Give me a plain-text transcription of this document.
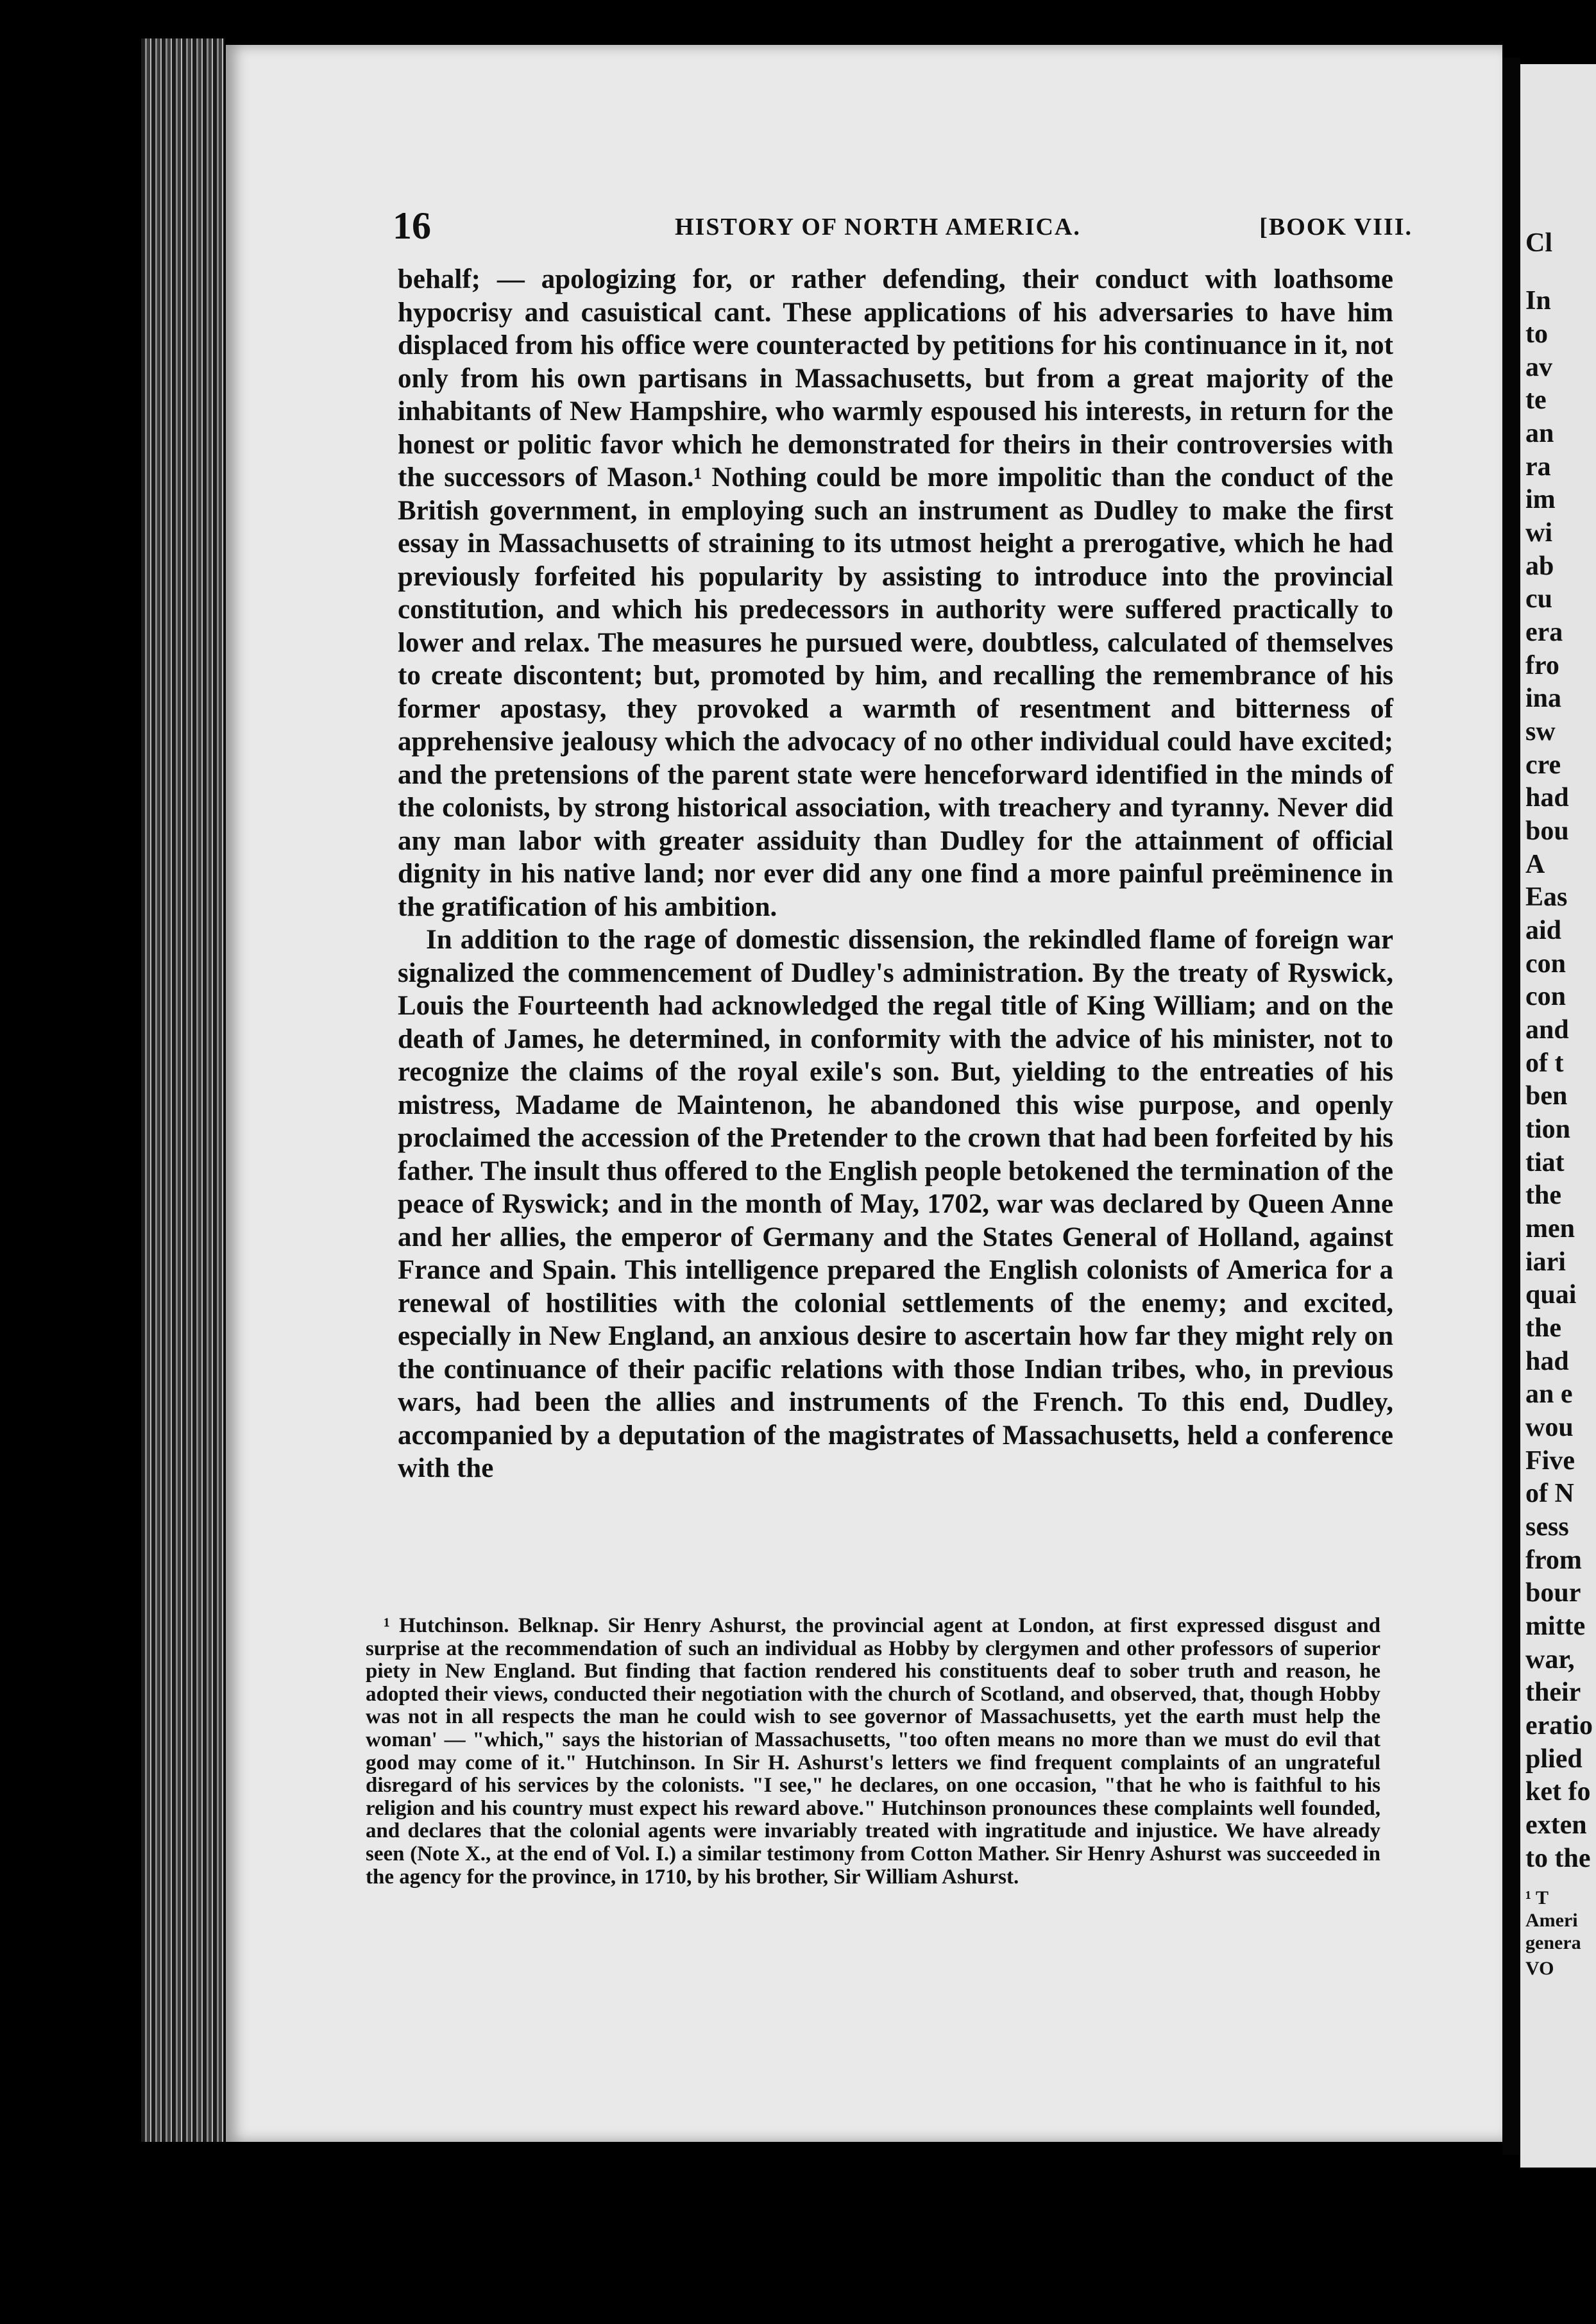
16	HISTORY OF NORTH AMERICA.	[BOOK VIII.

behalf; — apologizing for, or rather defending, their conduct with loathsome hypocrisy and casuistical cant. These applications of his adversaries to have him displaced from his office were counteracted by petitions for his continuance in it, not only from his own partisans in Massachusetts, but from a great majority of the inhabitants of New Hampshire, who warmly espoused his interests, in return for the honest or politic favor which he demonstrated for theirs in their controversies with the successors of Mason.¹ Nothing could be more impolitic than the conduct of the British government, in employing such an instrument as Dudley to make the first essay in Massachusetts of straining to its utmost height a prerogative, which he had previously forfeited his popularity by assisting to introduce into the provincial constitution, and which his predecessors in authority were suffered practically to lower and relax. The measures he pursued were, doubtless, calculated of themselves to create discontent; but, promoted by him, and recalling the remembrance of his former apostasy, they provoked a warmth of resentment and bitterness of apprehensive jealousy which the advocacy of no other individual could have excited; and the pretensions of the parent state were henceforward identified in the minds of the colonists, by strong historical association, with treachery and tyranny. Never did any man labor with greater assiduity than Dudley for the attainment of official dignity in his native land; nor ever did any one find a more painful preëminence in the gratification of his ambition.

In addition to the rage of domestic dissension, the rekindled flame of foreign war signalized the commencement of Dudley's administration. By the treaty of Ryswick, Louis the Fourteenth had acknowledged the regal title of King William; and on the death of James, he determined, in conformity with the advice of his minister, not to recognize the claims of the royal exile's son. But, yielding to the entreaties of his mistress, Madame de Maintenon, he abandoned this wise purpose, and openly proclaimed the accession of the Pretender to the crown that had been forfeited by his father. The insult thus offered to the English people betokened the termination of the peace of Ryswick; and in the month of May, 1702, war was declared by Queen Anne and her allies, the emperor of Germany and the States General of Holland, against France and Spain. This intelligence prepared the English colonists of America for a renewal of hostilities with the colonial settlements of the enemy; and excited, especially in New England, an anxious desire to ascertain how far they might rely on the continuance of their pacific relations with those Indian tribes, who, in previous wars, had been the allies and instruments of the French. To this end, Dudley, accompanied by a deputation of the magistrates of Massachusetts, held a conference with the

¹ Hutchinson. Belknap. Sir Henry Ashurst, the provincial agent at London, at first expressed disgust and surprise at the recommendation of such an individual as Hobby by clergymen and other professors of superior piety in New England. But finding that faction rendered his constituents deaf to sober truth and reason, he adopted their views, conducted their negotiation with the church of Scotland, and observed, that, though Hobby was not in all respects the man he could wish to see governor of Massachusetts, yet the earth must help the woman' — "which," says the historian of Massachusetts, "too often means no more than we must do evil that good may come of it." Hutchinson. In Sir H. Ashurst's letters we find frequent complaints of an ungrateful disregard of his services by the colonists. "I see," he declares, on one occasion, "that he who is faithful to his religion and his country must expect his reward above." Hutchinson pronounces these complaints well founded, and declares that the colonial agents were invariably treated with ingratitude and injustice. We have already seen (Note X., at the end of Vol. I.) a similar testimony from Cotton Mather. Sir Henry Ashurst was succeeded in the agency for the province, in 1710, by his brother, Sir William Ashurst.

Cl
In
to
av
te
an
ra
im
wi
ab
cu
era
fro
ina
sw
cre
had
bou
A
Eas
aid
con
con
and
of t
ben
tion
tiat
the
men
iari
quai
the
had
an e
wou
Five
of N
sess
from
bour
mitte
war,
their
eratio
plied
ket fo
exten
to the
¹ T
Ameri
genera
VO
